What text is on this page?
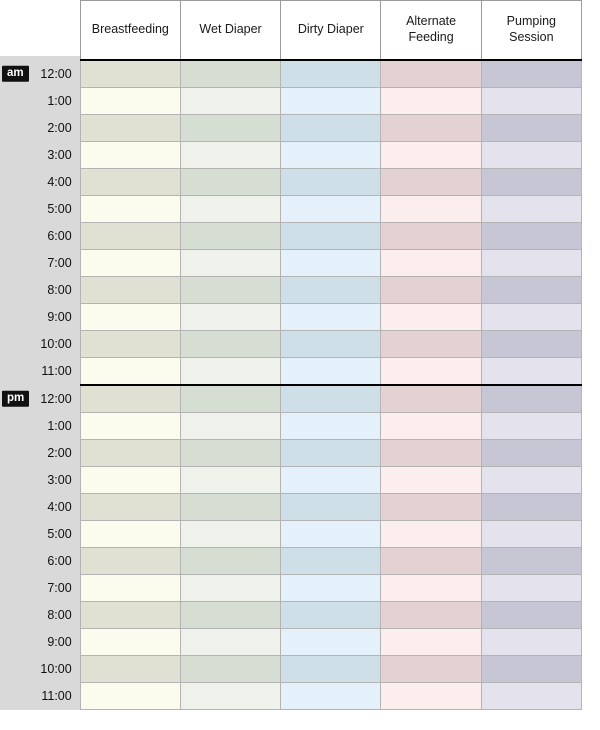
	Breastfeeding	Wet Diaper	Dirty Diaper	Alternate Feeding	Pumping Session

am 12:00					
1:00					
2:00					
3:00					
4:00					
5:00					
6:00					
7:00					
8:00					
9:00					
10:00					
11:00					

pm 12:00					
1:00					
2:00					
3:00					
4:00					
5:00					
6:00					
7:00					
8:00					
9:00					
10:00					
11:00					
